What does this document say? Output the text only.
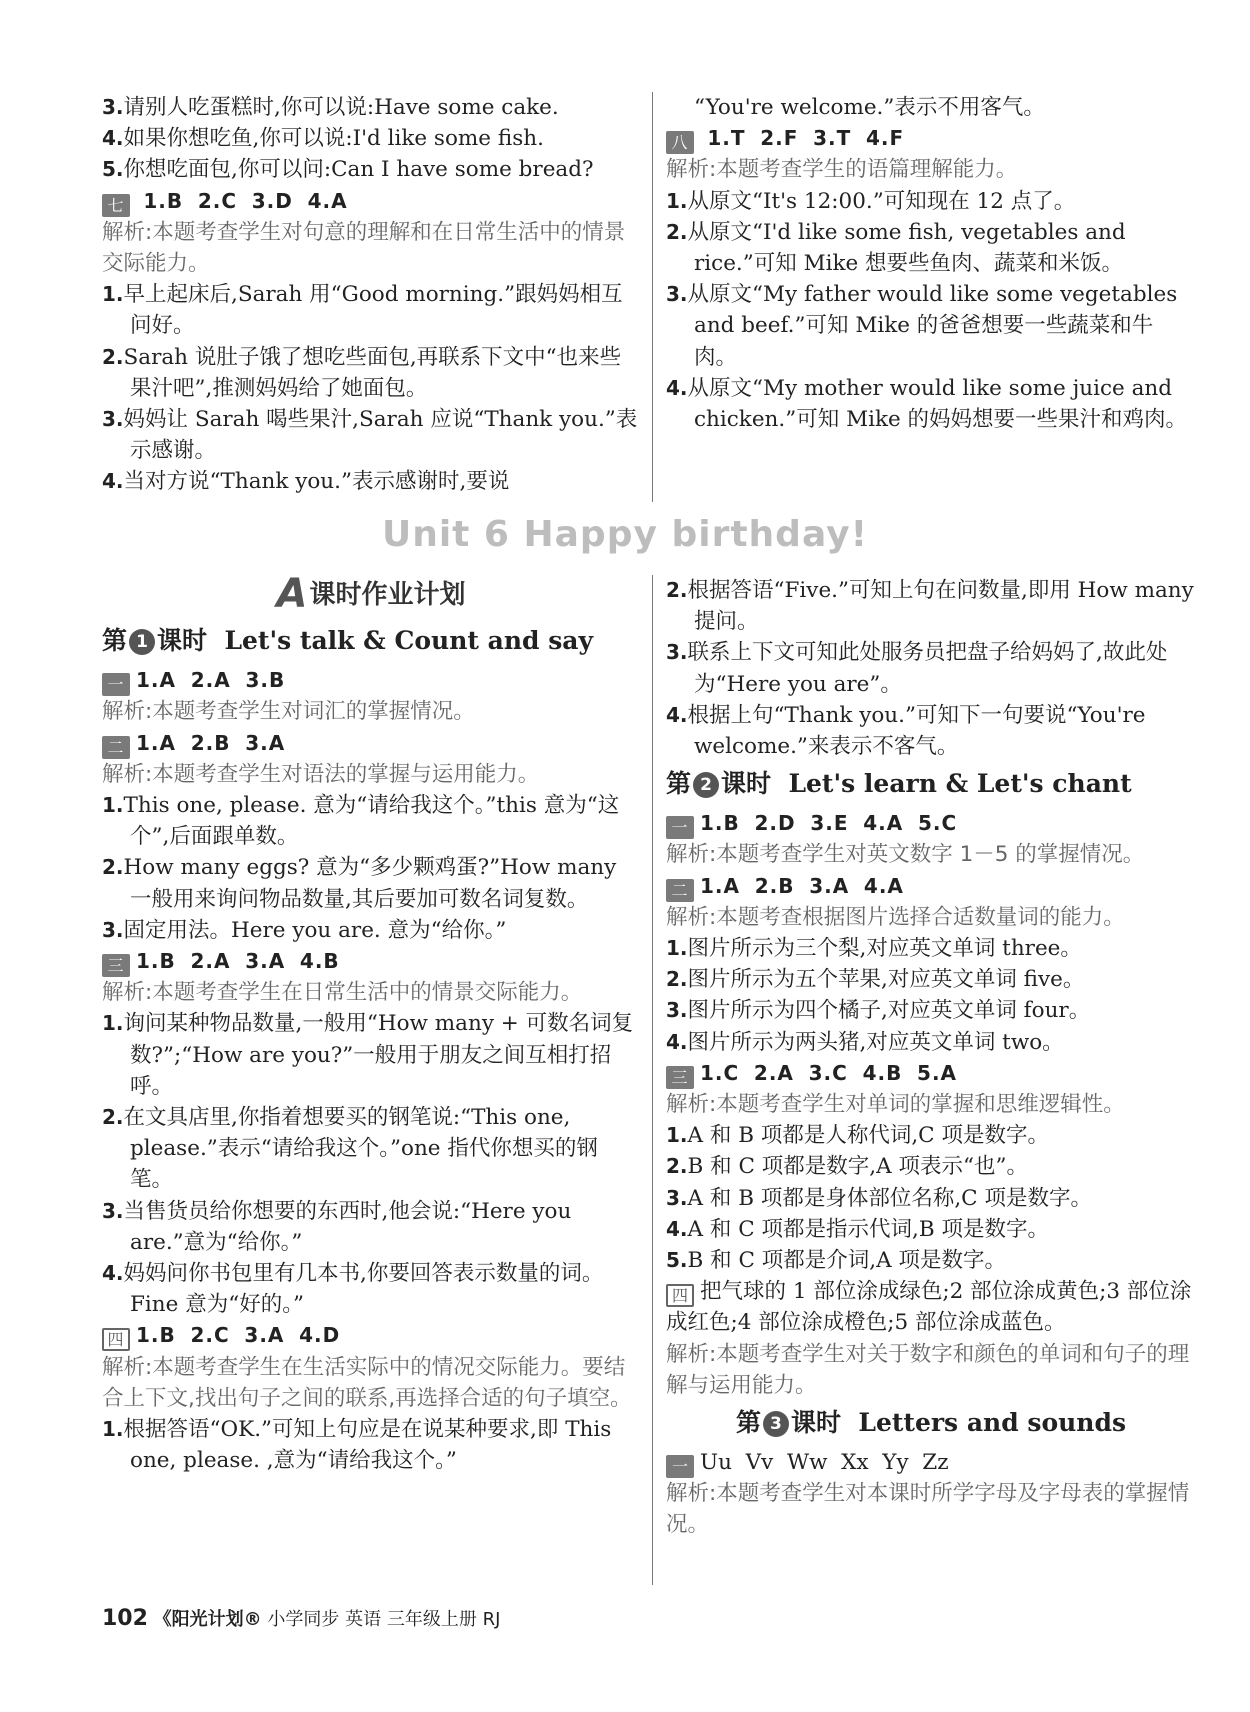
3.请别人吃蛋糕时,你可以说:Have some cake.
4.如果你想吃鱼,你可以说:I'd like some fish.
5.你想吃面包,你可以问:Can I have some bread?
七 1.B 2.C 3.D 4.A
解析:本题考查学生对句意的理解和在日常生活中的情景交际能力。
1.早上起床后,Sarah 用“Good morning.”跟妈妈相互问好。
2.Sarah 说肚子饿了想吃些面包,再联系下文中“也来些果汁吧”,推测妈妈给了她面包。
3.妈妈让 Sarah 喝些果汁,Sarah 应说“Thank you.”表示感谢。
4.当对方说“Thank you.”表示感谢时,要说
“You're welcome.”表示不用客气。
八 1.T 2.F 3.T 4.F
解析:本题考查学生的语篇理解能力。
1.从原文“It's 12:00.”可知现在 12 点了。
2.从原文“I'd like some fish, vegetables and rice.”可知 Mike 想要些鱼肉、蔬菜和米饭。
3.从原文“My father would like some vegetables and beef.”可知 Mike 的爸爸想要一些蔬菜和牛肉。
4.从原文“My mother would like some juice and chicken.”可知 Mike 的妈妈想要一些果汁和鸡肉。
Unit 6 Happy birthday!
A课时作业计划
第 1 课时 Let's talk & Count and say
一 1.A 2.A 3.B
解析:本题考查学生对词汇的掌握情况。
二 1.A 2.B 3.A
解析:本题考查学生对语法的掌握与运用能力。
1.This one, please. 意为“请给我这个。”this 意为“这个”,后面跟单数。
2.How many eggs? 意为“多少颗鸡蛋?”How many 一般用来询问物品数量,其后要加可数名词复数。
3.固定用法。Here you are. 意为“给你。”
三 1.B 2.A 3.A 4.B
解析:本题考查学生在日常生活中的情景交际能力。
1.询问某种物品数量,一般用“How many + 可数名词复数?”;“How are you?”一般用于朋友之间互相打招呼。
2.在文具店里,你指着想要买的钢笔说:“This one, please.”表示“请给我这个。”one 指代你想买的钢笔。
3.当售货员给你想要的东西时,他会说:“Here you are.”意为“给你。”
4.妈妈问你书包里有几本书,你要回答表示数量的词。Fine 意为“好的。”
四 1.B 2.C 3.A 4.D
解析:本题考查学生在生活实际中的情况交际能力。要结合上下文,找出句子之间的联系,再选择合适的句子填空。
1.根据答语“OK.”可知上句应是在说某种要求,即 This one, please. ,意为“请给我这个。”
2.根据答语“Five.”可知上句在问数量,即用 How many 提问。
3.联系上下文可知此处服务员把盘子给妈妈了,故此处为“Here you are”。
4.根据上句“Thank you.”可知下一句要说“You're welcome.”来表示不客气。
第 2 课时 Let's learn & Let's chant
一 1.B 2.D 3.E 4.A 5.C
解析:本题考查学生对英文数字 1－5 的掌握情况。
二 1.A 2.B 3.A 4.A
解析:本题考查根据图片选择合适数量词的能力。
1.图片所示为三个梨,对应英文单词 three。
2.图片所示为五个苹果,对应英文单词 five。
3.图片所示为四个橘子,对应英文单词 four。
4.图片所示为两头猪,对应英文单词 two。
三 1.C 2.A 3.C 4.B 5.A
解析:本题考查学生对单词的掌握和思维逻辑性。
1.A 和 B 项都是人称代词,C 项是数字。
2.B 和 C 项都是数字,A 项表示“也”。
3.A 和 B 项都是身体部位名称,C 项是数字。
4.A 和 C 项都是指示代词,B 项是数字。
5.B 和 C 项都是介词,A 项是数字。
四 把气球的 1 部位涂成绿色;2 部位涂成黄色;3 部位涂成红色;4 部位涂成橙色;5 部位涂成蓝色。
解析:本题考查学生对关于数字和颜色的单词和句子的理解与运用能力。
第 3 课时 Letters and sounds
一 Uu  Vv  Ww  Xx  Yy  Zz
解析:本题考查学生对本课时所学字母及字母表的掌握情况。
102 《阳光计划® 小学同步 英语 三年级上册 RJ
